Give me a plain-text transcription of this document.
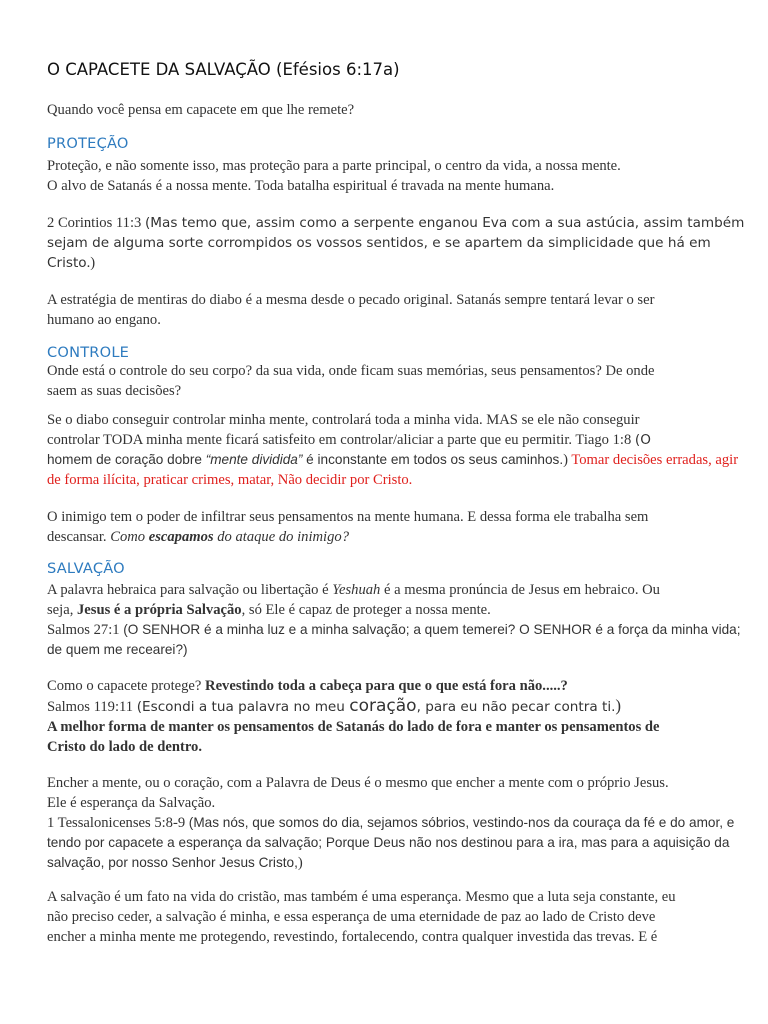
O CAPACETE DA SALVAÇÃO (Efésios 6:17a)
Quando você pensa em capacete em que lhe remete?
PROTEÇÃO
Proteção, e não somente isso, mas proteção para a parte principal, o centro da vida, a nossa mente.
O alvo de Satanás é a nossa mente. Toda batalha espiritual é travada na mente humana.
2 Corintios 11:3 (Mas temo que, assim como a serpente enganou Eva com a sua astúcia, assim também
sejam de alguma sorte corrompidos os vossos sentidos, e se apartem da simplicidade que há em
Cristo.)
A estratégia de mentiras do diabo é a mesma desde o pecado original. Satanás sempre tentará levar o ser
humano ao engano.
CONTROLE
Onde está o controle do seu corpo? da sua vida, onde ficam suas memórias, seus pensamentos? De onde
saem as suas decisões?
Se o diabo conseguir controlar minha mente, controlará toda a minha vida. MAS se ele não conseguir
controlar TODA minha mente ficará satisfeito em controlar/aliciar a parte que eu permitir. Tiago 1:8 (O
homem de coração dobre “mente dividida” é inconstante em todos os seus caminhos.) Tomar decisões erradas, agir
de forma ilícita, praticar crimes, matar, Não decidir por Cristo.
O inimigo tem o poder de infiltrar seus pensamentos na mente humana. E dessa forma ele trabalha sem
descansar. Como escapamos do ataque do inimigo?
SALVAÇÃO
A palavra hebraica para salvação ou libertação é Yeshuah é a mesma pronúncia de Jesus em hebraico. Ou
seja, Jesus é a própria Salvação, só Ele é capaz de proteger a nossa mente.
Salmos 27:1 (O SENHOR é a minha luz e a minha salvação; a quem temerei? O SENHOR é a força da minha vida;
de quem me recearei?)
Como o capacete protege? Revestindo toda a cabeça para que o que está fora não.....?
Salmos 119:11 (Escondi a tua palavra no meu coração, para eu não pecar contra ti.)
A melhor forma de manter os pensamentos de Satanás do lado de fora e manter os pensamentos de
Cristo do lado de dentro.
Encher a mente, ou o coração, com a Palavra de Deus é o mesmo que encher a mente com o próprio Jesus.
Ele é esperança da Salvação.
1 Tessalonicenses 5:8-9 (Mas nós, que somos do dia, sejamos sóbrios, vestindo-nos da couraça da fé e do amor, e
tendo por capacete a esperança da salvação; Porque Deus não nos destinou para a ira, mas para a aquisição da
salvação, por nosso Senhor Jesus Cristo,)
A salvação é um fato na vida do cristão, mas também é uma esperança. Mesmo que a luta seja constante, eu
não preciso ceder, a salvação é minha, e essa esperança de uma eternidade de paz ao lado de Cristo deve
encher a minha mente me protegendo, revestindo, fortalecendo, contra qualquer investida das trevas. E é
